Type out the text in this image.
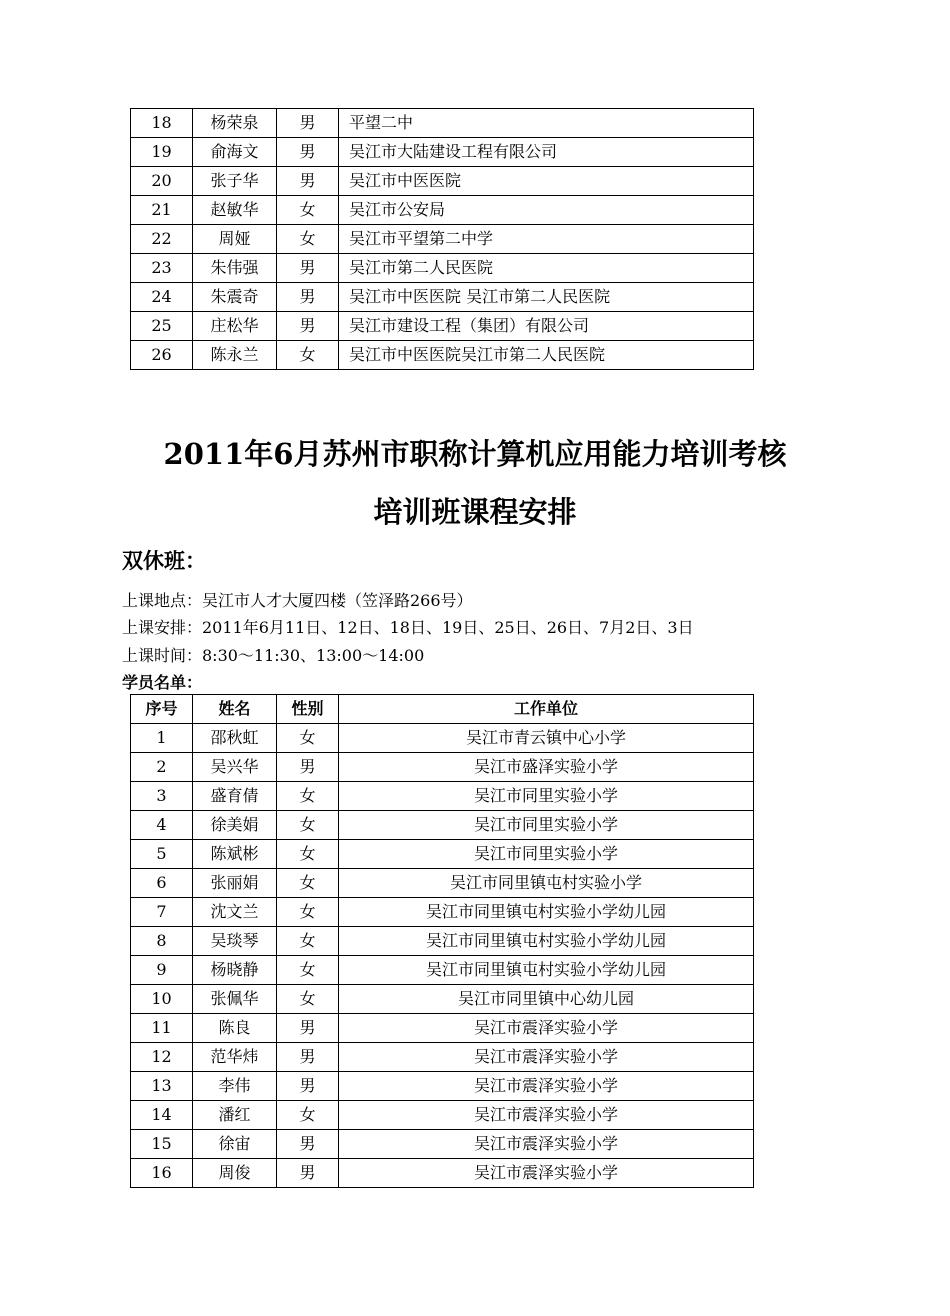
18	杨荣泉	男	平望二中
19	俞海文	男	吴江市大陆建设工程有限公司
20	张子华	男	吴江市中医医院
21	赵敏华	女	吴江市公安局
22	周娅	女	吴江市平望第二中学
23	朱伟强	男	吴江市第二人民医院
24	朱震奇	男	吴江市中医医院 吴江市第二人民医院
25	庄松华	男	吴江市建设工程（集团）有限公司
26	陈永兰	女	吴江市中医医院吴江市第二人民医院
2011年6月苏州市职称计算机应用能力培训考核
培训班课程安排
双休班：
上课地点：吴江市人才大厦四楼（笠泽路266号）
上课安排：2011年6月11日、12日、18日、19日、25日、26日、7月2日、3日
上课时间：8:30～11:30、13:00～14:00
学员名单：
序号	姓名	性别	工作单位
1	邵秋虹	女	吴江市青云镇中心小学
2	吴兴华	男	吴江市盛泽实验小学
3	盛育倩	女	吴江市同里实验小学
4	徐美娟	女	吴江市同里实验小学
5	陈斌彬	女	吴江市同里实验小学
6	张丽娟	女	吴江市同里镇屯村实验小学
7	沈文兰	女	吴江市同里镇屯村实验小学幼儿园
8	吴琰琴	女	吴江市同里镇屯村实验小学幼儿园
9	杨晓静	女	吴江市同里镇屯村实验小学幼儿园
10	张佩华	女	吴江市同里镇中心幼儿园
11	陈良	男	吴江市震泽实验小学
12	范华炜	男	吴江市震泽实验小学
13	李伟	男	吴江市震泽实验小学
14	潘红	女	吴江市震泽实验小学
15	徐宙	男	吴江市震泽实验小学
16	周俊	男	吴江市震泽实验小学
